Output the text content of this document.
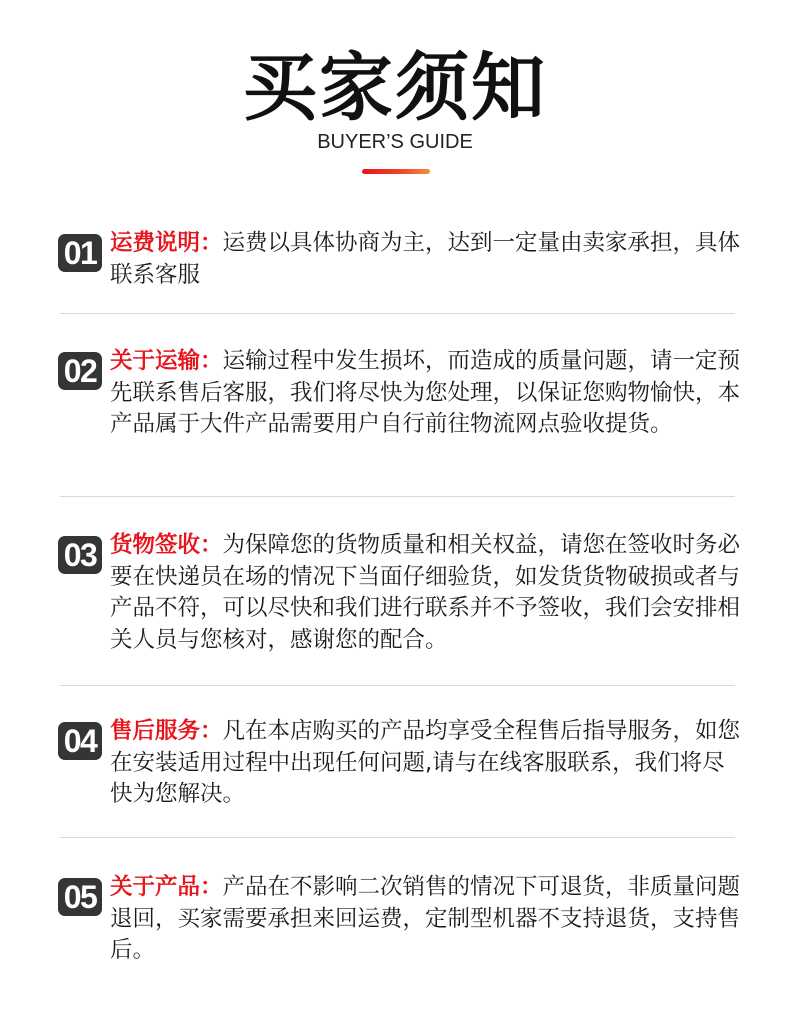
买家须知
BUYER’S GUIDE
01 运费说明：运费以具体协商为主，达到一定量由卖家承担，具体联系客服
02 关于运输：运输过程中发生损坏，而造成的质量问题，请一定预先联系售后客服，我们将尽快为您处理，以保证您购物愉快，本产品属于大件产品需要用户自行前往物流网点验收提货。
03 货物签收：为保障您的货物质量和相关权益，请您在签收时务必要在快递员在场的情况下当面仔细验货，如发货货物破损或者与产品不符，可以尽快和我们进行联系并不予签收，我们会安排相关人员与您核对，感谢您的配合。
04 售后服务：凡在本店购买的产品均享受全程售后指导服务，如您在安装适用过程中出现任何问题,请与在线客服联系，我们将尽快为您解决。
05 关于产品：产品在不影响二次销售的情况下可退货，非质量问题退回，买家需要承担来回运费，定制型机器不支持退货，支持售后。
